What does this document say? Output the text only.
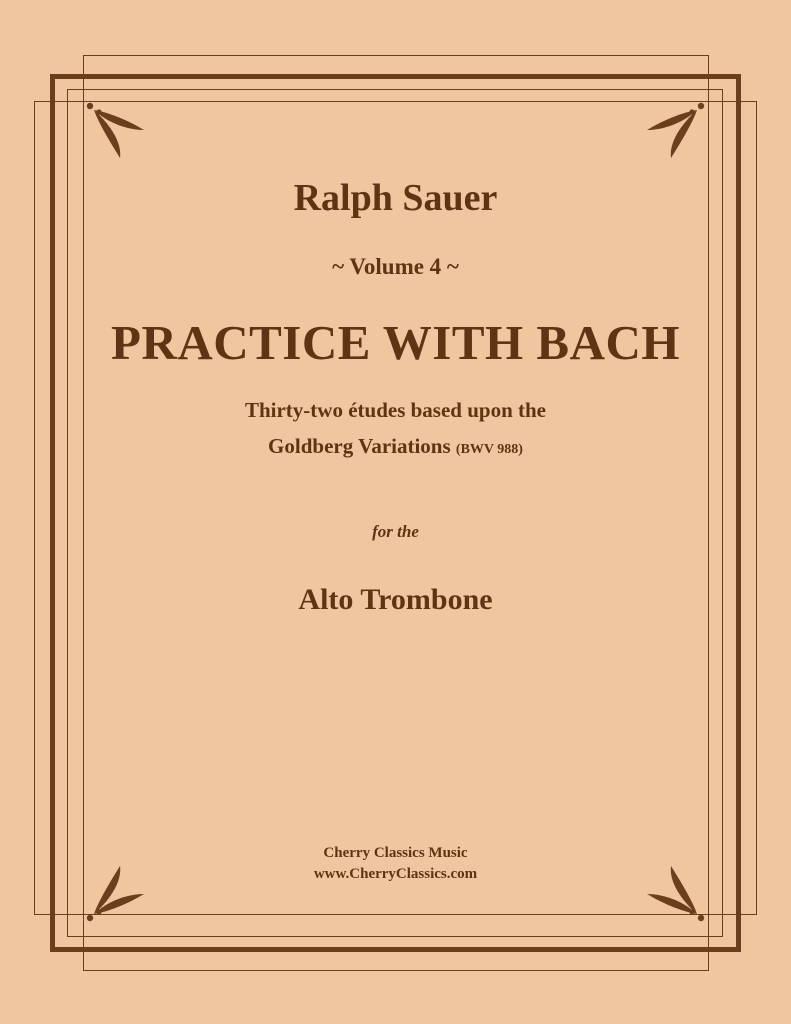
Ralph Sauer
~ Volume 4 ~
PRACTICE WITH BACH
Thirty-two études based upon the
Goldberg Variations (BWV 988)
for the
Alto Trombone
Cherry Classics Music
www.CherryClassics.com
